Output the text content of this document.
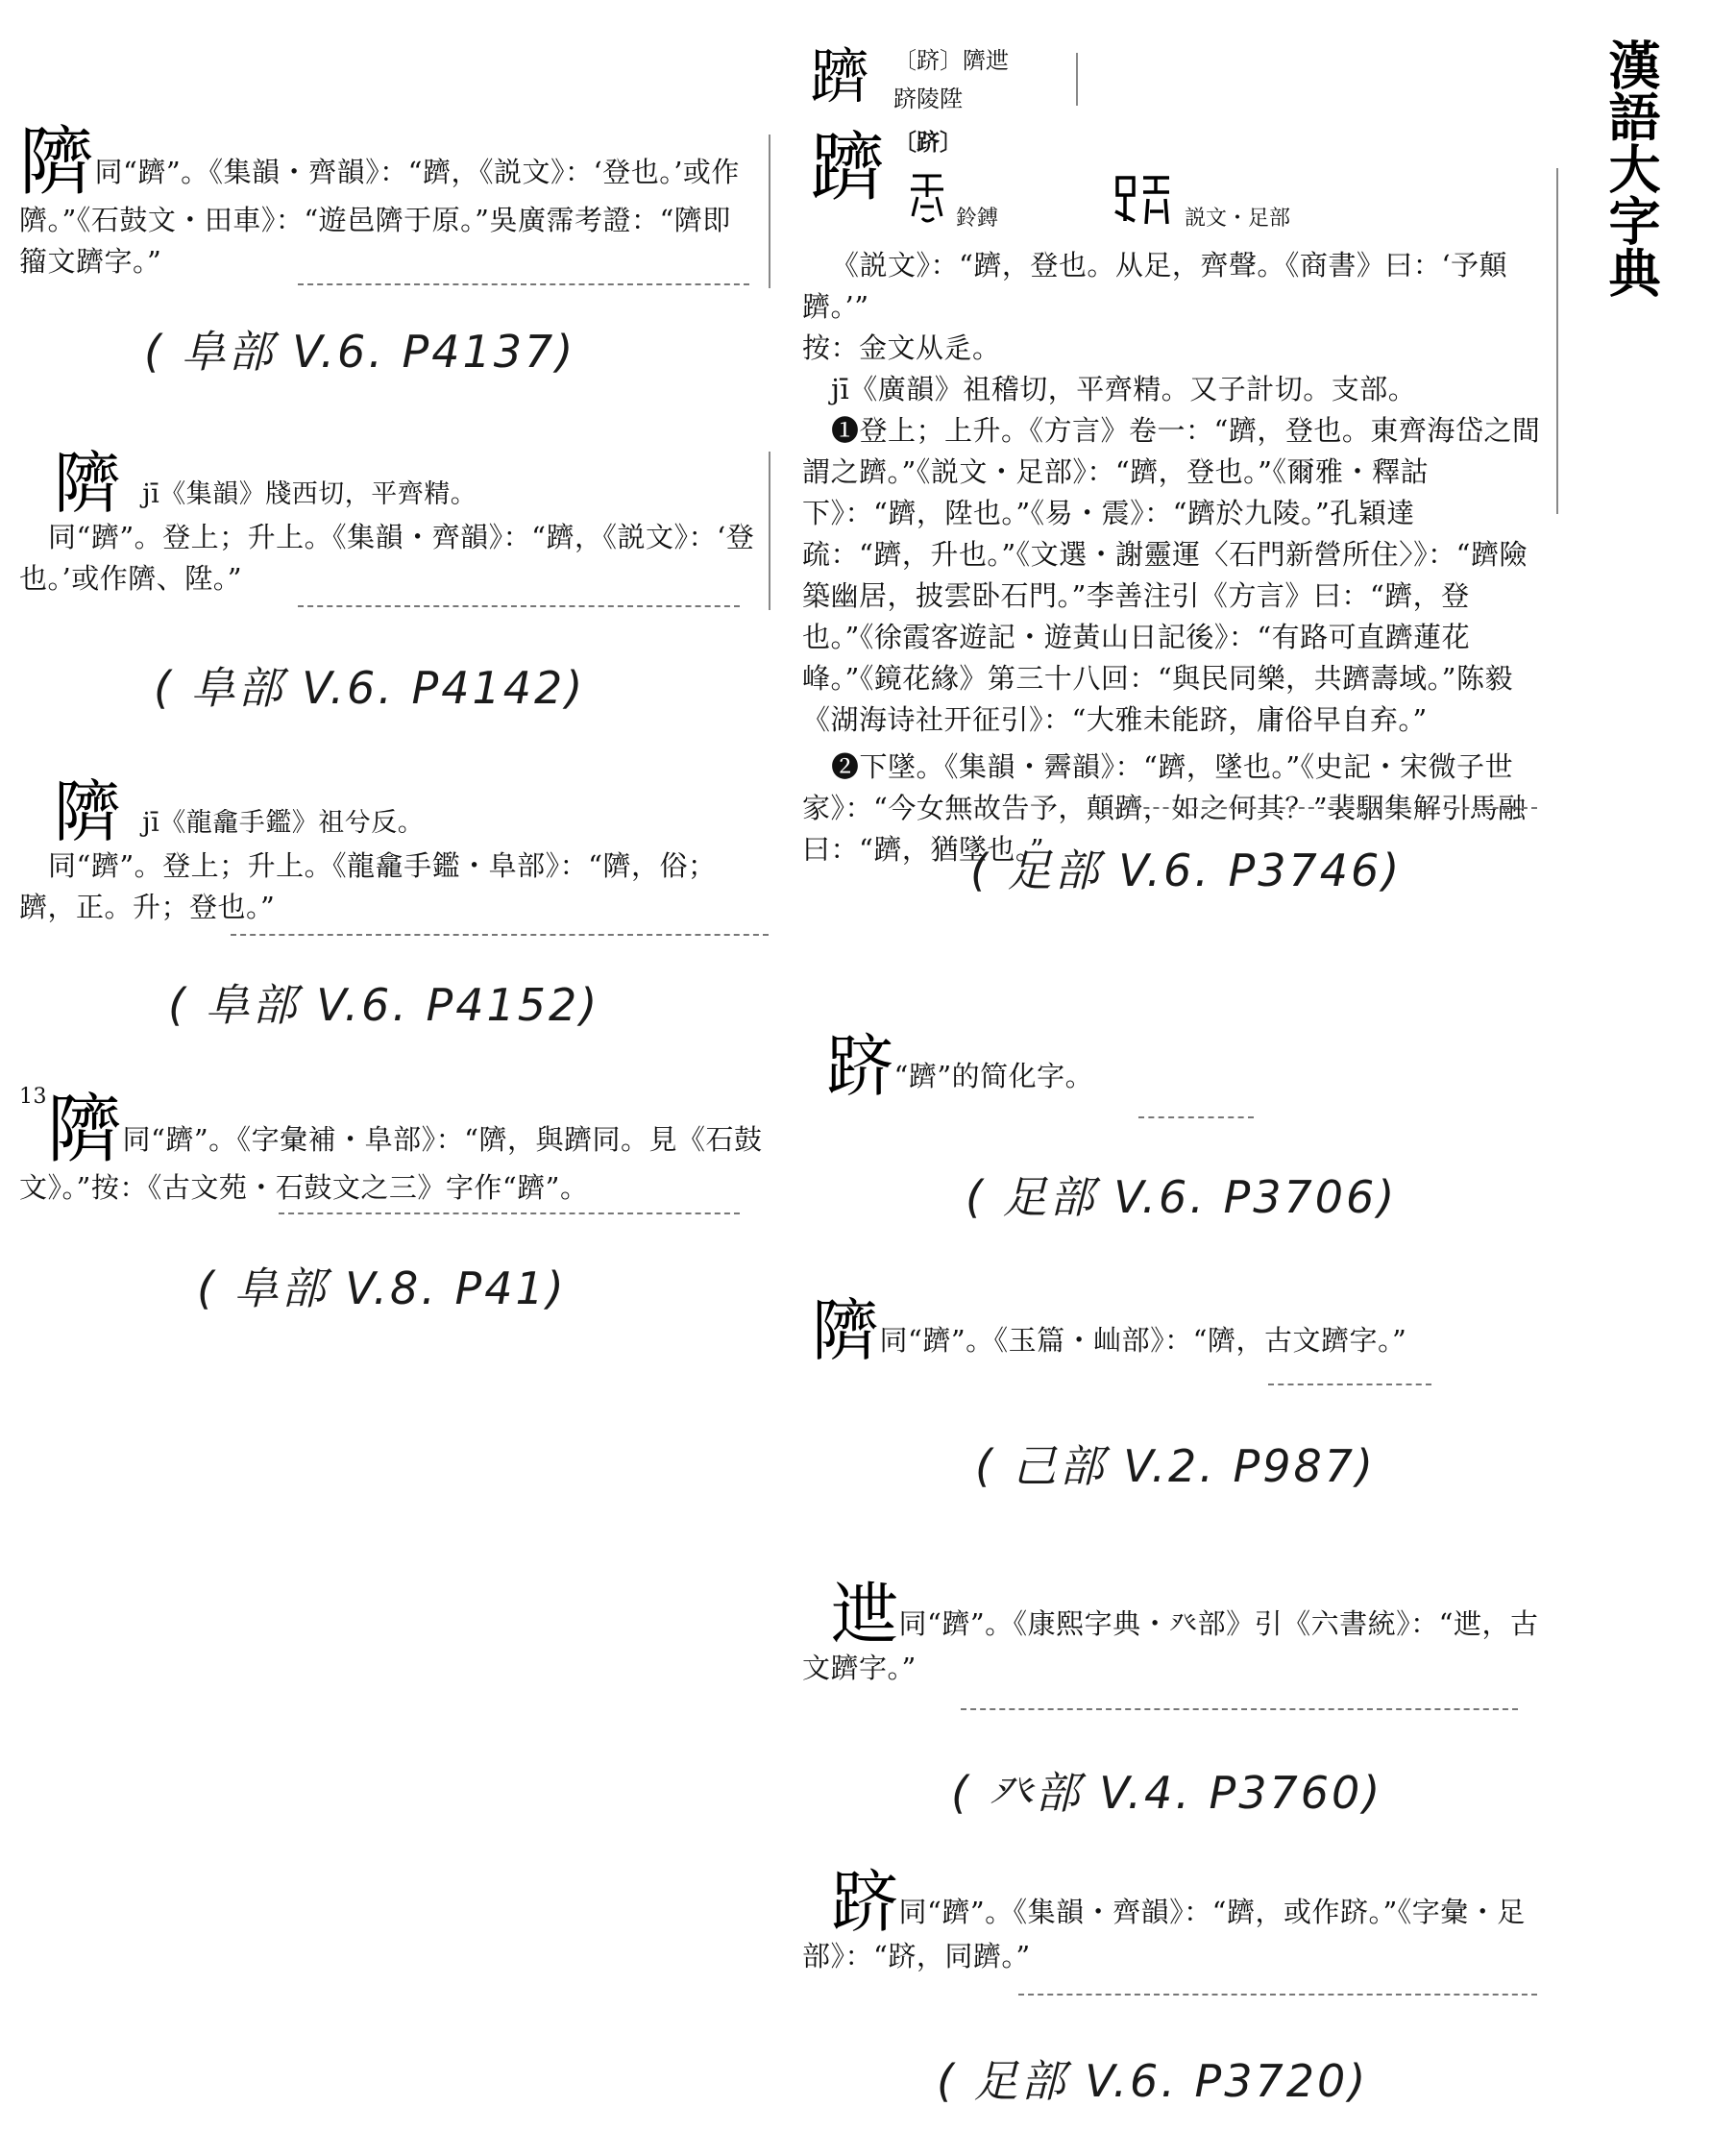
漢語大字典
隮同“躋”。《集韻・齊韻》：“躋，《説文》：‘登也。’或作隮。”《石鼓文・田車》：“遊邑隮于原。”吳廣霈考證：“隮即籀文躋字。”
( 阜部 V.6. P4137)
隮 jī《集韻》牋西切，平齊精。
同“躋”。登上；升上。《集韻・齊韻》：“躋，《説文》：‘登也。’或作隮、陞。”
( 阜部 V.6. P4142)
隮 jī《龍龕手鑑》祖兮反。
同“躋”。登上；升上。《龍龕手鑑・阜部》：“隮，俗；躋，正。升；登也。”
( 阜部 V.6. P4152)
$^{13}$隮同“躋”。《字彙補・阜部》：“隮，與躋同。見《石鼓文》。”按：《古文苑・石鼓文之三》字作“躋”。
( 阜部 V.8. P41)
躋 〔跻〕隮迣
跻陵陞
躋 〔跻〕
鈴鎛	説文・足部
《説文》：“躋，登也。从足，齊聲。《商書》曰：‘予顛躋。’”
按：金文从辵。
jī《廣韻》祖稽切，平齊精。又子計切。支部。
❶登上；上升。《方言》卷一：“躋，登也。東齊海岱之間謂之躋。”《説文・足部》：“躋，登也。”《爾雅・釋詁下》：“躋，陞也。”《易・震》：“躋於九陵。”孔穎達疏：“躋，升也。”《文選・謝靈運〈石門新營所住〉》：“躋險築幽居，披雲卧石門。”李善注引《方言》曰：“躋，登也。”《徐霞客遊記・遊黃山日記後》：“有路可直躋蓮花峰。”《鏡花緣》第三十八回：“與民同樂，共躋壽域。”陈毅《湖海诗社开征引》：“大雅未能跻，庸俗早自弃。”
❷下墜。《集韻・霽韻》：“躋，墜也。”《史記・宋微子世家》：“今女無故告予，顛躋，如之何其？”裴駰集解引馬融曰：“躋，猶墜也。”
( 足部 V.6. P3746)
跻“躋”的简化字。
( 足部 V.6. P3706)
隮同“躋”。《玉篇・屾部》：“隮，古文躋字。”
( 己部 V.2. P987)
迣同“躋”。《康熙字典・癶部》引《六書統》：“迣，古文躋字。”
( 癶部 V.4. P3760)
跻同“躋”。《集韻・齊韻》：“躋，或作跻。”《字彙・足部》：“跻，同躋。”
( 足部 V.6. P3720)
